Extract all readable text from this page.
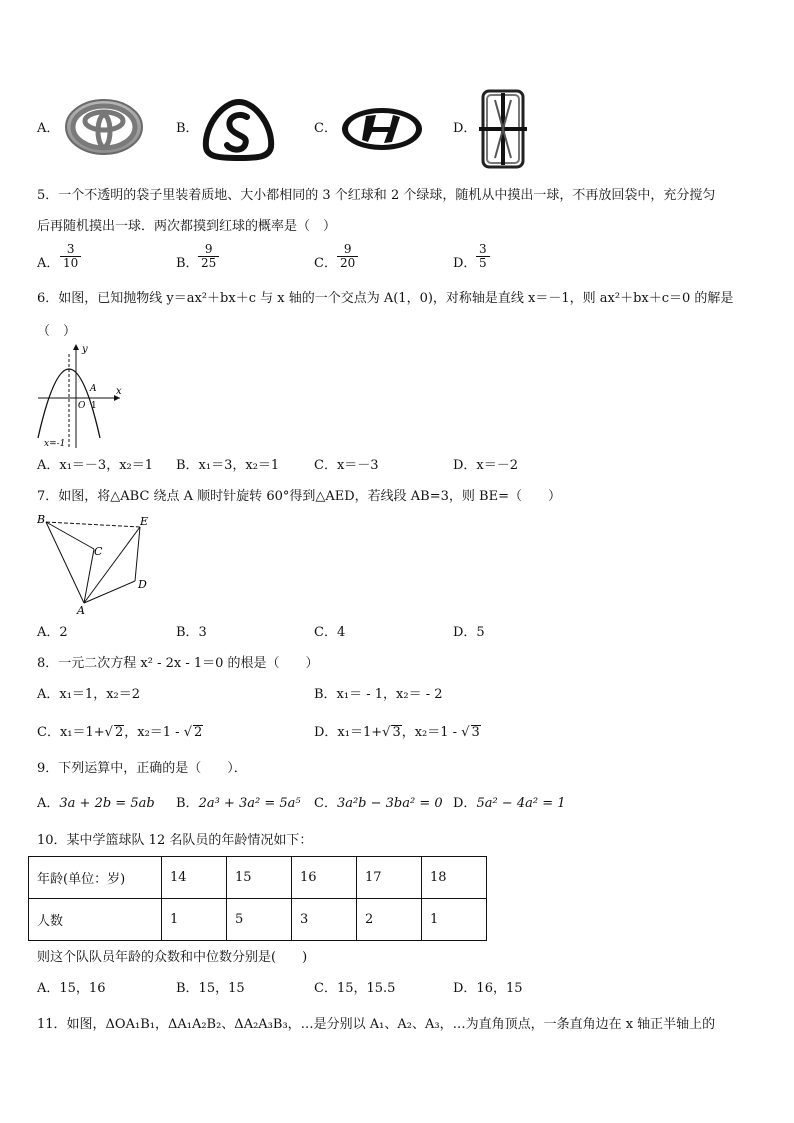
A．	B．	C．	D．
5．一个不透明的袋子里装着质地、大小都相同的 3 个红球和 2 个绿球，随机从中摸出一球，不再放回袋中，充分搅匀
后再随机摸出一球．两次都摸到红球的概率是（　）
A．
3
10	B．
9
25	C．
9
20	D．
3
5
6．如图，已知抛物线 y＝ax²＋bx＋c 与 x 轴的一个交点为 A(1，0)，对称轴是直线 x＝－1，则 ax²＋bx＋c＝0 的解是
（　）
y
x
A
O 1
x=-1
A．x₁＝－3，x₂＝1 B．x₁＝3，x₂＝1	C．x＝－3	D．x＝－2
7．如图，将△ABC 绕点 A 顺时针旋转 60°得到△AED，若线段 AB=3，则 BE=（　　）
B	E
C
D
A
A．2	B．3	C．4	D．5
8．一元二次方程 x² - 2x - 1＝0 的根是（　　）
A．x₁＝1，x₂＝2	B．x₁＝ - 1，x₂＝ - 2
C．x₁＝1+√ 2，x₂＝1 - √ 2	D．x₁＝1+√ 3，x₂＝1 - √ 3
9．下列运算中，正确的是（　　）．
A．3a + 2b = 5ab B．2a³ + 3a² = 5a⁵ C．3a²b − 3ba² = 0 D．5a² − 4a² = 1
10．某中学篮球队 12 名队员的年龄情况如下：
年龄(单位：岁)	14	15	16	17	18
人数	1	5	3	2	1
则这个队队员年龄的众数和中位数分别是(　　)
A．15，16	B．15，15	C．15，15.5	D．16，15
11．如图，ΔOA₁B₁，ΔA₁A₂B₂、ΔA₂A₃B₃，…是分别以 A₁、A₂、A₃，…为直角顶点，一条直角边在 x 轴正半轴上的
